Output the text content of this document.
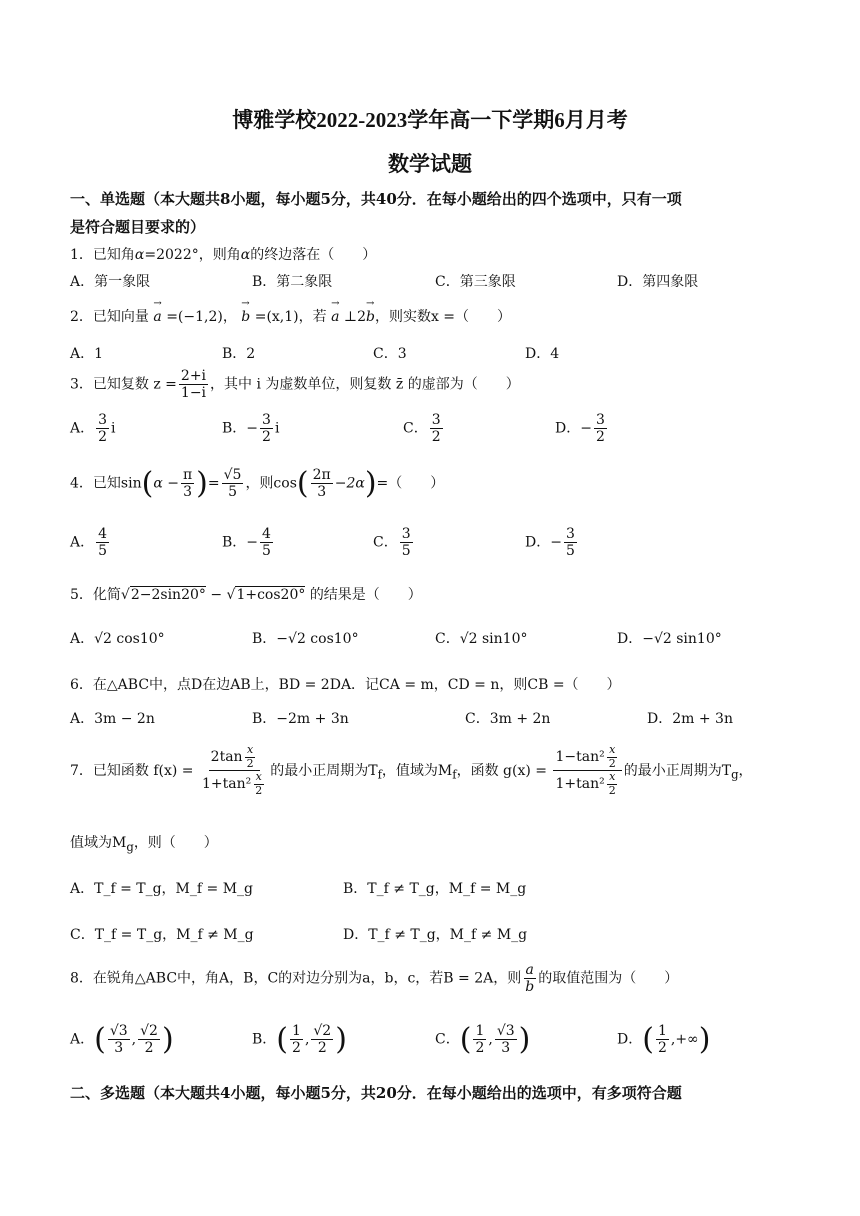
博雅学校2022-2023学年高一下学期6月月考
数学试题
一、单选题（本大题共8小题，每小题5分，共40分．在每小题给出的四个选项中，只有一项
是符合题目要求的）
1．已知角α=2022°，则角α的终边落在（　　）
A．第一象限	B．第二象限	C．第三象限	D．第四象限
2．已知向量 → a =(−1,2)， → b =(x,1)，若 → a ⊥2→ b，则实数x =（　　）
A．1	B．2	C．3	D．4
3．已知复数 $z = \frac{2+i}{1-i}$ ，其中 i 为虚数单位，则复数 z̄ 的虚部为（　　）
A． $\frac{3}{2}$ i	B．− $\frac{3}{2}$ i	C． $\frac{3}{2}$	D．− $\frac{3}{2}$
4．已知$\sin(\alpha - \frac{\pi}{3}$ )= $\frac{√5}{5}$ ，则$\cos( \frac{2\pi}{3} -2\alpha)=$（　　）
A． $\frac{4}{5}$	B．− $\frac{4}{5}$	C． $\frac{3}{5}$	D．− $\frac{3}{5}$
5．化简√2−2sin20° − √1+cos20° 的结果是（　　）
A．√2 cos10°	B．−√2 cos10°	C．√2 sin10°	D．−√2 sin10°
6．在△ABC中，点D在边AB上，BD = 2DA．记CA = m，CD = n，则CB =（　　）
A．3m − 2n	B．−2m + 3n	C．3m + 2n	D．2m + 3n
7．已知函数 $f(x) = \frac{2\tan \frac{x}{2}}{1+\tan^2 \frac{x}{2}}$ 的最小正周期为$T_f$，值域为$M_f$，函数 $g(x) = \frac{1-\tan^2 \frac{x}{2}}{1+\tan^2 \frac{x}{2}}$ 的最小正周期为$T_g$，
值域为$M_g$，则（　　）
A．T_f = T_g，M_f = M_g	B．T_f ≠ T_g，M_f = M_g
C．T_f = T_g，M_f ≠ M_g	D．T_f ≠ T_g，M_f ≠ M_g
8．在锐角△ABC中，角A，B，C的对边分别为a，b，c，若B = 2A，则 $\frac{a}{b}$ 的取值范围为（　　）
A．( $\frac{√3}{3}$ , $\frac{√2}{2}$ )	B．( $\frac{1}{2}$ , $\frac{√2}{2}$ )	C．( $\frac{1}{2}$ , $\frac{√3}{3}$ )	D．( $\frac{1}{2}$ ,+∞)
二、多选题（本大题共4小题，每小题5分，共20分．在每小题给出的选项中，有多项符合题
